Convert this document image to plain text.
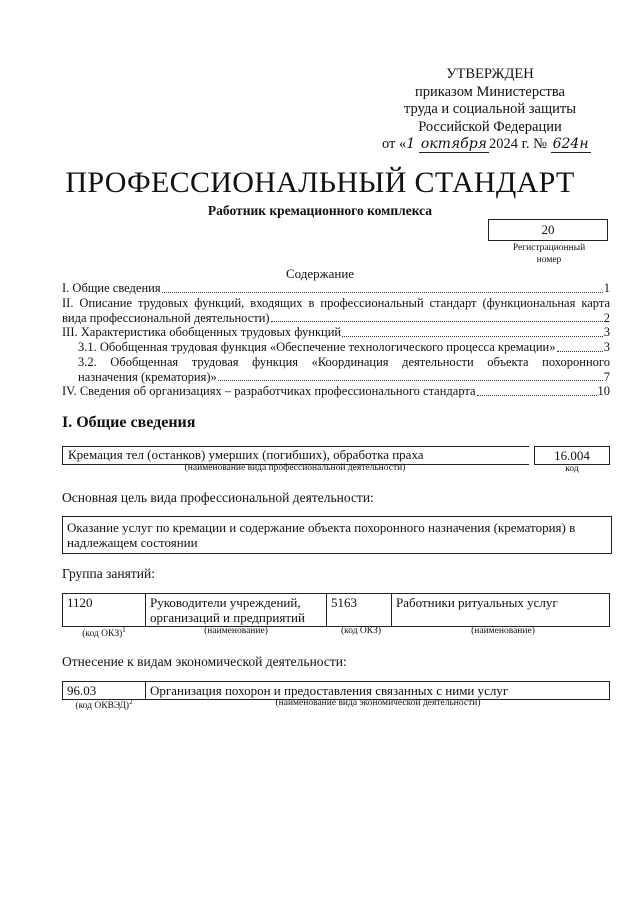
УТВЕРЖДЕН
приказом Министерства
труда и социальной защиты
Российской Федерации
от «1 октября 2024 г. № 624н
ПРОФЕССИОНАЛЬНЫЙ СТАНДАРТ
Работник кремационного комплекса
20
Регистрационный
номер
Содержание
I. Общие сведения	1
II. Описание трудовых функций, входящих в профессиональный стандарт (функциональная карта
вида профессиональной деятельности)	2
III. Характеристика обобщенных трудовых функций	3
3.1. Обобщенная трудовая функция «Обеспечение технологического процесса кремации»	3
3.2. Обобщенная трудовая функция «Координация деятельности объекта похоронного
назначения (крематория)»	7
IV. Сведения об организациях – разработчиках профессионального стандарта	10
I. Общие сведения
Кремация тел (останков) умерших (погибших), обработка праха	16.004
(наименование вида профессиональной деятельности)	код
Основная цель вида профессиональной деятельности:
Оказание услуг по кремации и содержание объекта похоронного назначения (крематория) в надлежащем состоянии
Группа занятий:
1120	Руководители учреждений, организаций и предприятий	5163	Работники ритуальных услуг
(код ОКЗ)$^1$	(наименование)	(код ОКЗ)	(наименование)
Отнесение к видам экономической деятельности:
96.03	Организация похорон и предоставления связанных с ними услуг
(код ОКВЭД)$^2$	(наименование вида экономической деятельности)
